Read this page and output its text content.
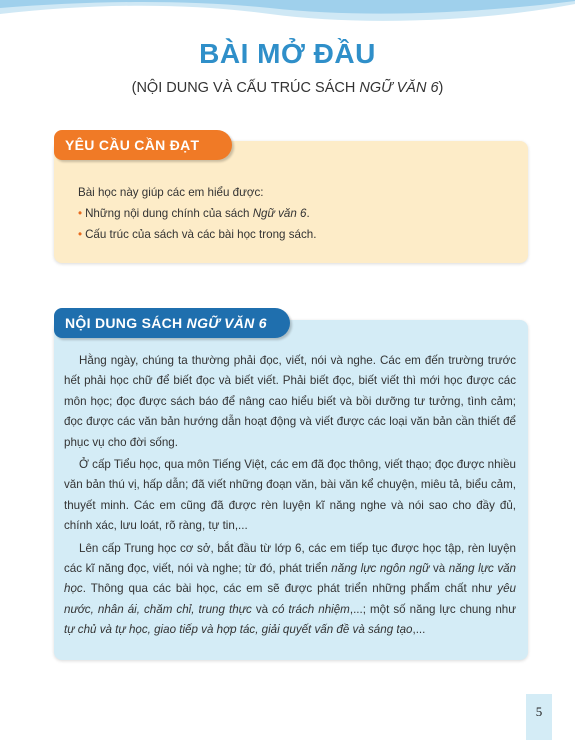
BÀI MỞ ĐẦU
(NỘI DUNG VÀ CẤU TRÚC SÁCH NGỮ VĂN 6)
YÊU CẦU CẦN ĐẠT
Bài học này giúp các em hiểu được:
• Những nội dung chính của sách Ngữ văn 6.
• Cấu trúc của sách và các bài học trong sách.
NỘI DUNG SÁCH NGỮ VĂN 6

Hằng ngày, chúng ta thường phải đọc, viết, nói và nghe. Các em đến trường trước hết phải học chữ để biết đọc và biết viết. Phải biết đọc, biết viết thì mới học được các môn học; đọc được sách báo để nâng cao hiểu biết và bồi dưỡng tư tưởng, tình cảm; đọc được các văn bản hướng dẫn hoạt động và viết được các loại văn bản cần thiết để phục vụ cho đời sống.

Ở cấp Tiểu học, qua môn Tiếng Việt, các em đã đọc thông, viết thạo; đọc được nhiều văn bản thú vị, hấp dẫn; đã viết những đoạn văn, bài văn kể chuyện, miêu tả, biểu cảm, thuyết minh. Các em cũng đã được rèn luyện kĩ năng nghe và nói sao cho đầy đủ, chính xác, lưu loát, rõ ràng, tự tin,...

Lên cấp Trung học cơ sở, bắt đầu từ lớp 6, các em tiếp tục được học tập, rèn luyện các kĩ năng đọc, viết, nói và nghe; từ đó, phát triển năng lực ngôn ngữ và năng lực văn học. Thông qua các bài học, các em sẽ được phát triển những phẩm chất như yêu nước, nhân ái, chăm chỉ, trung thực và có trách nhiệm,...; một số năng lực chung như tự chủ và tự học, giao tiếp và hợp tác, giải quyết vấn đề và sáng tạo,...

5
